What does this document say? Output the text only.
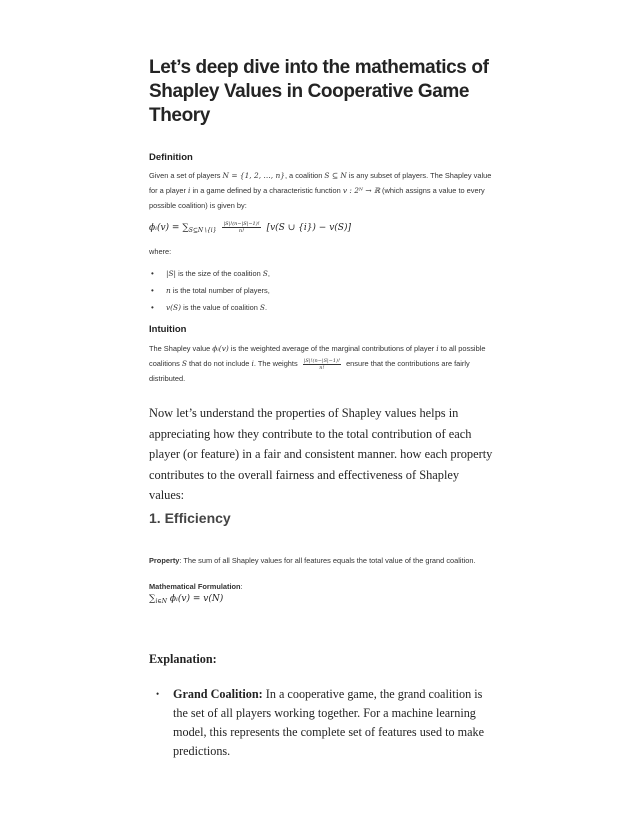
Let’s deep dive into the mathematics of Shapley Values in Cooperative Game Theory

Definition

Given a set of players N = {1, 2, …, n}, a coalition S ⊆ N is any subset of players. The Shapley value for a player i in a game defined by a characteristic function v : 2ᴺ → ℝ (which assigns a value to every possible coalition) is given by:

ϕᵢ(v) = $\sum_{S⊆N∖\{i\}} \frac{|S|!(n-|S|-1)!}{n!} [v(S$ ∪ {i}) − v(S)]

where:

• |S| is the size of the coalition S,
• n is the total number of players,
• v(S) is the value of coalition S.

Intuition

The Shapley value ϕᵢ(v) is the weighted average of the marginal contributions of player i to all possible coalitions S that do not include i. The weights $\frac{|S|!(n-|S|-1)!}{n!}$ ensure that the contributions are fairly distributed.

Now let’s understand the properties of Shapley values helps in appreciating how they contribute to the total contribution of each player (or feature) in a fair and consistent manner. how each property contributes to the overall fairness and effectiveness of Shapley values:

1. Efficiency

Property: The sum of all Shapley values for all features equals the total value of the grand coalition.

Mathematical Formulation:

$\sum_{i\in N}$ ϕᵢ(v) = v(N)

Explanation:

• Grand Coalition: In a cooperative game, the grand coalition is the set of all players working together. For a machine learning model, this represents the complete set of features used to make predictions.
